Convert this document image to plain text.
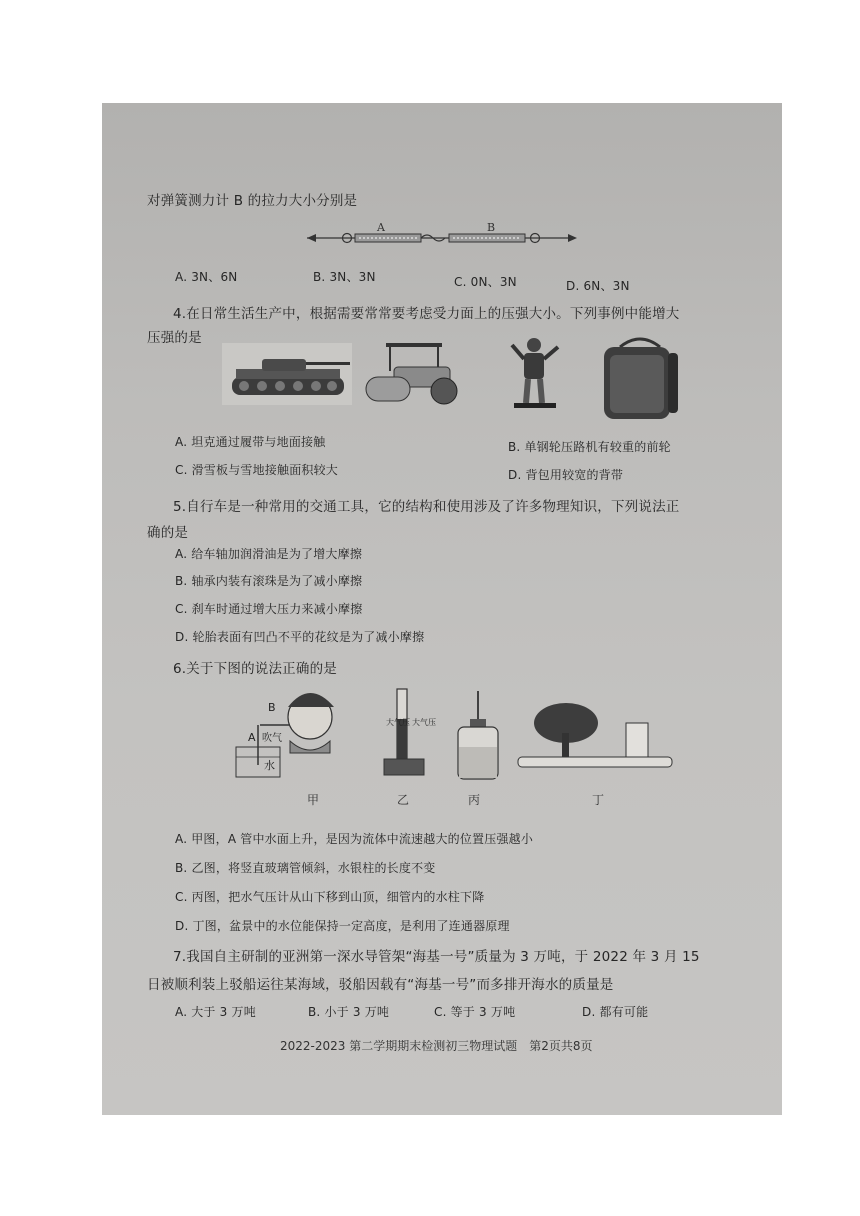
对弹簧测力计 B 的拉力大小分别是
A	B
A. 3N、6N	B. 3N、3N	C. 0N、3N	D. 6N、3N
4.在日常生活生产中，根据需要常常要考虑受力面上的压强大小。下列事例中能增大
压强的是
A. 坦克通过履带与地面接触	B. 单钢轮压路机有较重的前轮
C. 滑雪板与雪地接触面积较大	D. 背包用较宽的背带
5.自行车是一种常用的交通工具，它的结构和使用涉及了许多物理知识，下列说法正
确的是
A. 给车轴加润滑油是为了增大摩擦
B. 轴承内装有滚珠是为了减小摩擦
C. 刹车时通过增大压力来减小摩擦
D. 轮胎表面有凹凸不平的花纹是为了减小摩擦
6.关于下图的说法正确的是
B
A 吹气
水
大气压 大气压
甲	乙	丙	丁
A. 甲图，A 管中水面上升，是因为流体中流速越大的位置压强越小
B. 乙图，将竖直玻璃管倾斜，水银柱的长度不变
C. 丙图，把水气压计从山下移到山顶，细管内的水柱下降
D. 丁图，盆景中的水位能保持一定高度，是利用了连通器原理
7.我国自主研制的亚洲第一深水导管架“海基一号”质量为 3 万吨，于 2022 年 3 月 15
日被顺利装上驳船运往某海域，驳船因载有“海基一号”而多排开海水的质量是
A. 大于 3 万吨	B. 小于 3 万吨	C. 等于 3 万吨	D. 都有可能
2022-2023 第二学期期末检测初三物理试题　第2页共8页
